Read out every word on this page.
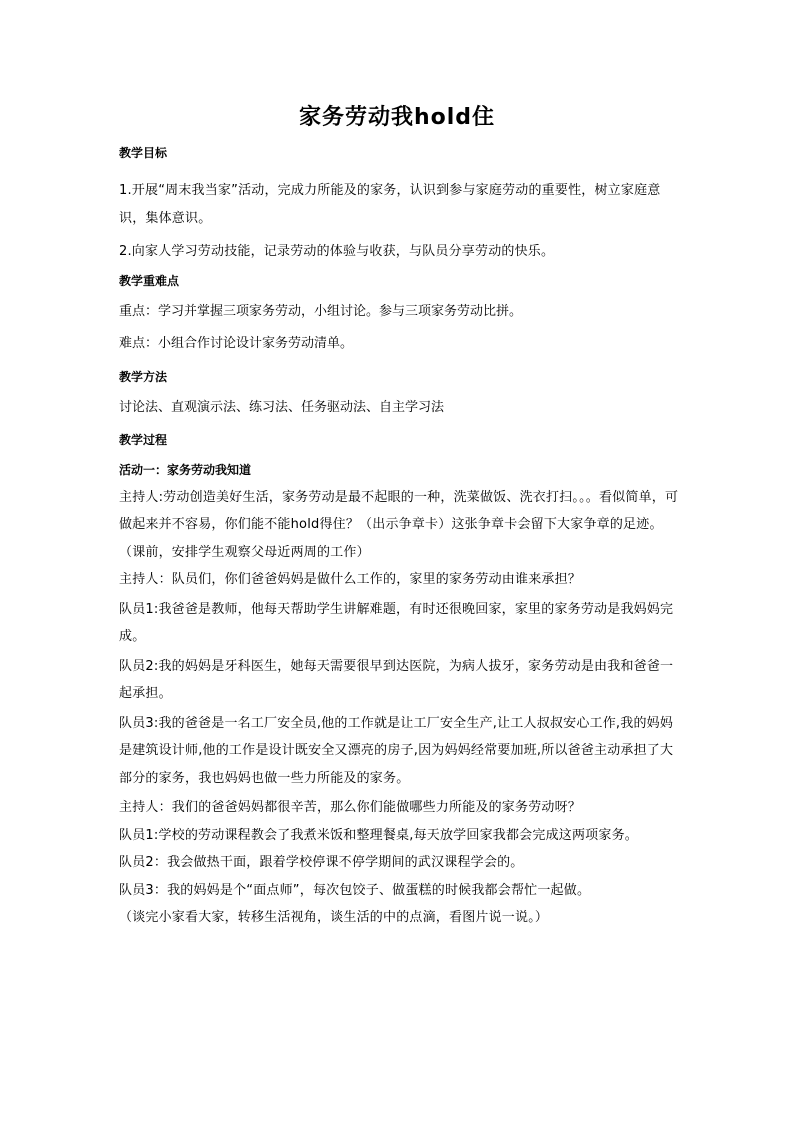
家务劳动我hold住

教学目标

1.开展“周末我当家”活动，完成力所能及的家务，认识到参与家庭劳动的重要性，树立家庭意识，集体意识。

2.向家人学习劳动技能，记录劳动的体验与收获，与队员分享劳动的快乐。

教学重难点

重点：学习并掌握三项家务劳动，小组讨论。参与三项家务劳动比拼。

难点：小组合作讨论设计家务劳动清单。

教学方法

讨论法、直观演示法、练习法、任务驱动法、自主学习法

教学过程

活动一：家务劳动我知道

主持人:劳动创造美好生活，家务劳动是最不起眼的一种，洗菜做饭、洗衣打扫。。。看似简单，可做起来并不容易，你们能不能hold得住？（出示争章卡）这张争章卡会留下大家争章的足迹。

（课前，安排学生观察父母近两周的工作）

主持人：队员们，你们爸爸妈妈是做什么工作的，家里的家务劳动由谁来承担？

队员1:我爸爸是教师，他每天帮助学生讲解难题，有时还很晚回家，家里的家务劳动是我妈妈完成。

队员2:我的妈妈是牙科医生，她每天需要很早到达医院，为病人拔牙，家务劳动是由我和爸爸一起承担。

队员3:我的爸爸是一名工厂安全员,他的工作就是让工厂安全生产,让工人叔叔安心工作,我的妈妈是建筑设计师,他的工作是设计既安全又漂亮的房子,因为妈妈经常要加班,所以爸爸主动承担了大部分的家务，我也妈妈也做一些力所能及的家务。

主持人：我们的爸爸妈妈都很辛苦，那么你们能做哪些力所能及的家务劳动呀？

队员1:学校的劳动课程教会了我煮米饭和整理餐桌,每天放学回家我都会完成这两项家务。

队员2：我会做热干面，跟着学校停课不停学期间的武汉课程学会的。

队员3：我的妈妈是个“面点师”，每次包饺子、做蛋糕的时候我都会帮忙一起做。

（谈完小家看大家，转移生活视角，谈生活的中的点滴，看图片说一说。）
